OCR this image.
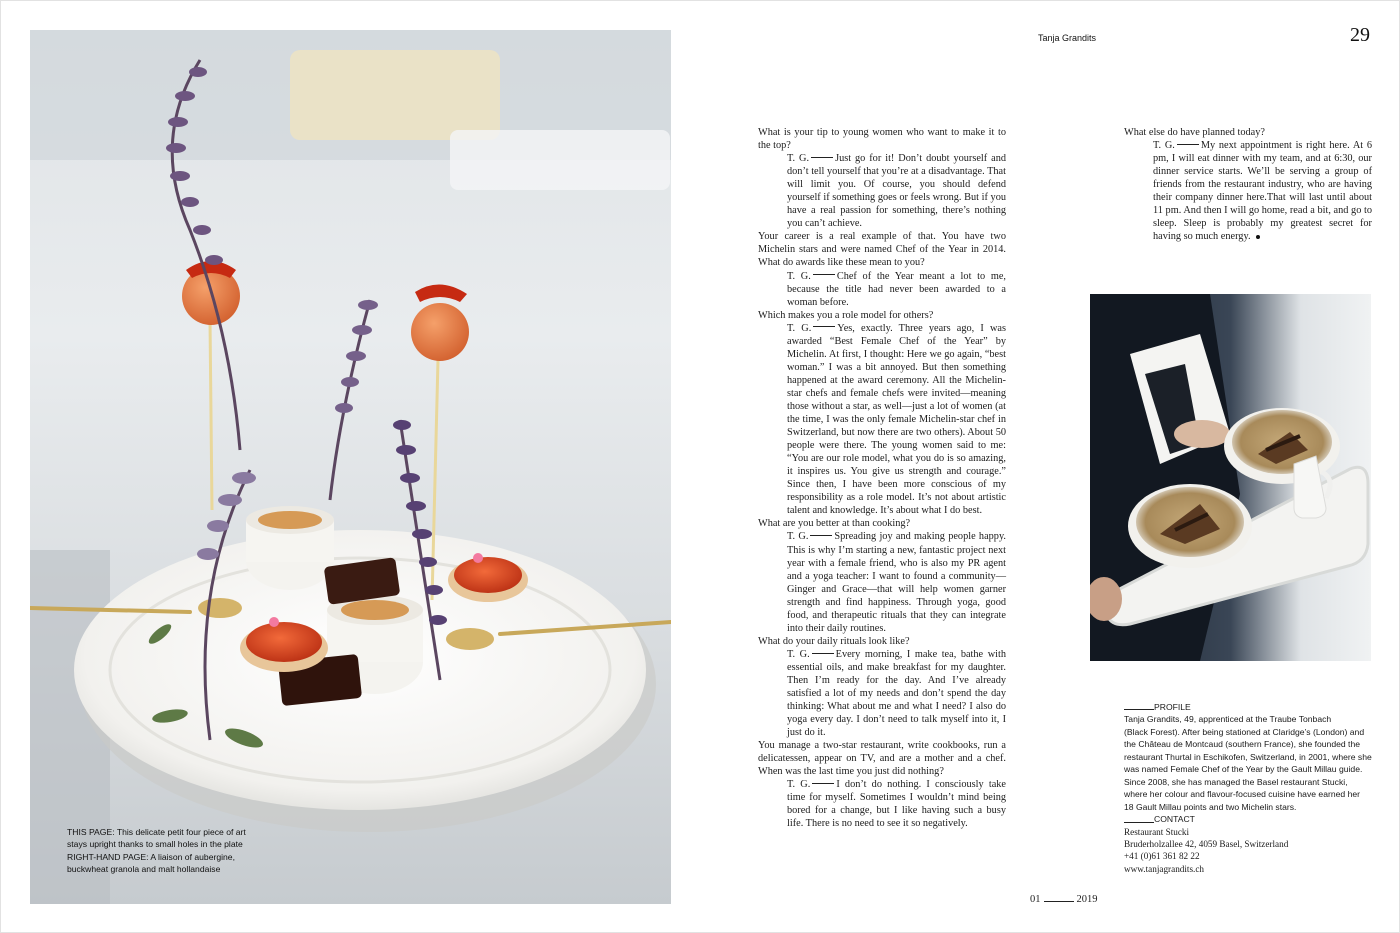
THIS PAGE: This delicate petit four piece of art
stays upright thanks to small holes in the plate
RIGHT-HAND PAGE: A liaison of aubergine,
buckwheat granola and malt hollandaise
Tanja Grandits	29

What is your tip to young women who want to make it to the top?

T. G.	Just go for it! Don’t doubt yourself and don’t tell yourself that you’re at a disadvantage. That will limit you. Of course, you should defend yourself if something goes or feels wrong. But if you have a real passion for something, there’s nothing you can’t achieve.

Your career is a real example of that. You have two Michelin stars and were named Chef of the Year in 2014. What do awards like these mean to you?

T. G.	Chef of the Year meant a lot to me, because the title had never been awarded to a woman before.

Which makes you a role model for others?

T. G.	Yes, exactly. Three years ago, I was awarded “Best Female Chef of the Year” by Michelin. At first, I thought: Here we go again, “best woman.” I was a bit annoyed. But then something happened at the award ceremony. All the Michelin-star chefs and female chefs were invited—meaning those without a star, as well—just a lot of women (at the time, I was the only female Michelin-star chef in Switzerland, but now there are two others). About 50 people were there. The young women said to me: “You are our role model, what you do is so amazing, it inspires us. You give us strength and courage.” Since then, I have been more conscious of my responsibility as a role model. It’s not about artistic talent and knowledge. It’s about what I do best.

What are you better at than cooking?

T. G.	Spreading joy and making people happy. This is why I’m starting a new, fantastic project next year with a female friend, who is also my PR agent and a yoga teacher: I want to found a community—Ginger and Grace—that will help women garner strength and find happiness. Through yoga, good food, and therapeutic rituals that they can integrate into their daily routines.

What do your daily rituals look like?

T. G.	Every morning, I make tea, bathe with essential oils, and make breakfast for my daughter. Then I’m ready for the day. And I’ve already satisfied a lot of my needs and don’t spend the day thinking: What about me and what I need? I also do yoga every day. I don’t need to talk myself into it, I just do it.

You manage a two-star restaurant, write cookbooks, run a delicatessen, appear on TV, and are a mother and a chef. When was the last time you just did nothing?

T. G.	I don’t do nothing. I consciously take time for myself. Sometimes I wouldn’t mind being bored for a change, but I like having such a busy life. There is no need to see it so negatively.

What else do have planned today?

T. G.	My next appointment is right here. At 6 pm, I will eat dinner with my team, and at 6:30, our dinner service starts. We’ll be serving a group of friends from the restaurant industry, who are having their company dinner here.That will last until about 11 pm. And then I will go home, read a bit, and go to sleep. Sleep is probably my greatest secret for having so much energy.

PROFILE
Tanja Grandits, 49, apprenticed at the Traube Tonbach
(Black Forest). After being stationed at Claridge’s (London) and
the Château de Montcaud (southern France), she founded the
restaurant Thurtal in Eschikofen, Switzerland, in 2001, where she
was named Female Chef of the Year by the Gault Millau guide.
Since 2008, she has managed the Basel restaurant Stucki,
where her colour and flavour-focused cuisine have earned her
18 Gault Millau points and two Michelin stars.
CONTACT
Restaurant Stucki
Bruderholzallee 42, 4059 Basel, Switzerland
+41 (0)61 361 82 22
www.tanjagrandits.ch
01	2019
